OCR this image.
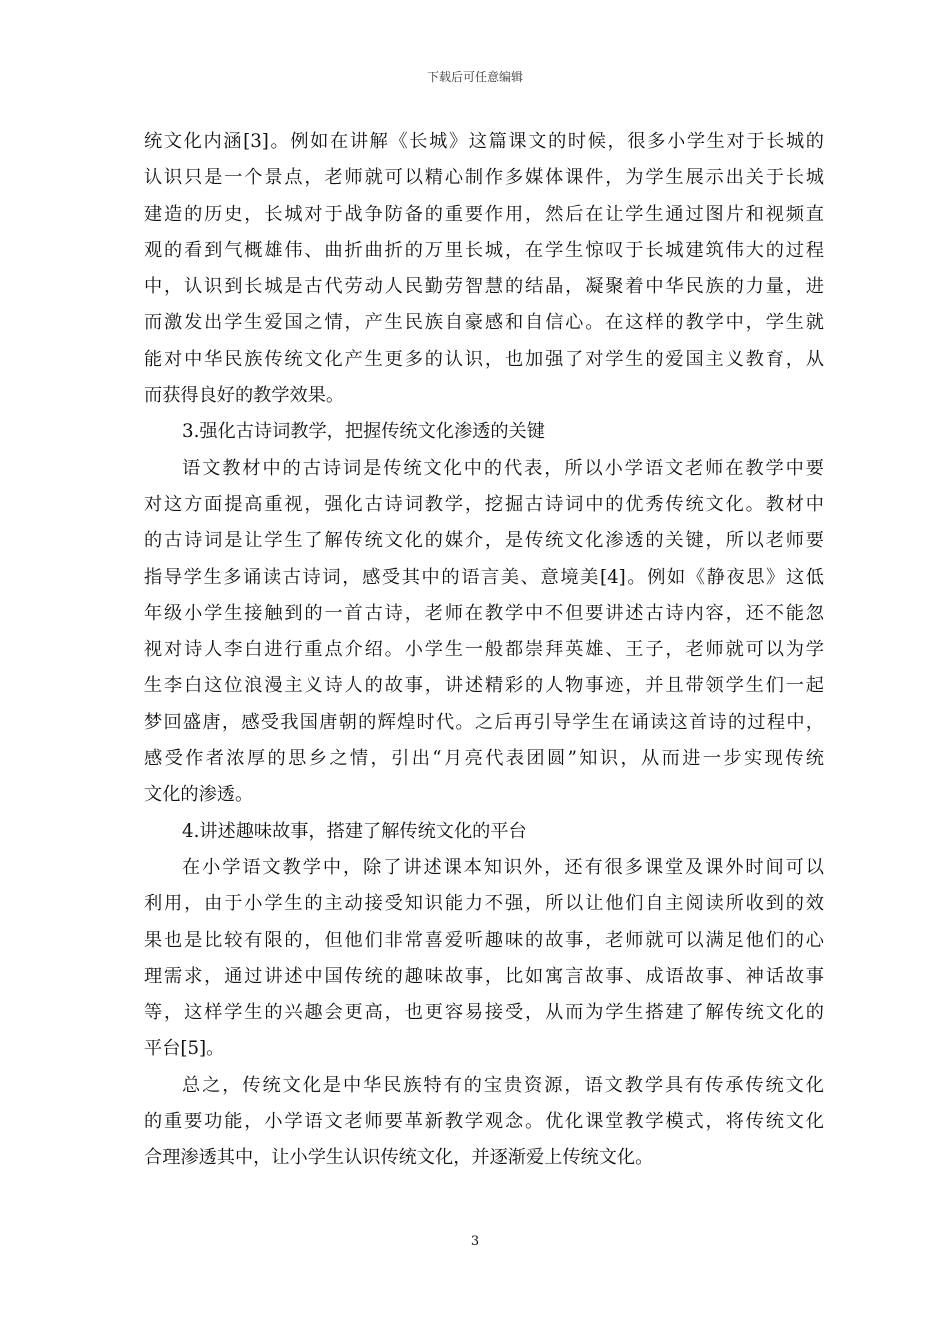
下载后可任意编辑
统文化内涵[3]。例如在讲解《长城》这篇课文的时候，很多小学生对于长城的
认识只是一个景点，老师就可以精心制作多媒体课件，为学生展示出关于长城
建造的历史，长城对于战争防备的重要作用，然后在让学生通过图片和视频直
观的看到气概雄伟、曲折曲折的万里长城，在学生惊叹于长城建筑伟大的过程
中，认识到长城是古代劳动人民勤劳智慧的结晶，凝聚着中华民族的力量，进
而激发出学生爱国之情，产生民族自豪感和自信心。在这样的教学中，学生就
能对中华民族传统文化产生更多的认识，也加强了对学生的爱国主义教育，从
而获得良好的教学效果。
3.强化古诗词教学，把握传统文化渗透的关键
语文教材中的古诗词是传统文化中的代表，所以小学语文老师在教学中要
对这方面提高重视，强化古诗词教学，挖掘古诗词中的优秀传统文化。教材中
的古诗词是让学生了解传统文化的媒介，是传统文化渗透的关键，所以老师要
指导学生多诵读古诗词，感受其中的语言美、意境美[4]。例如《静夜思》这低
年级小学生接触到的一首古诗，老师在教学中不但要讲述古诗内容，还不能忽
视对诗人李白进行重点介绍。小学生一般都崇拜英雄、王子，老师就可以为学
生李白这位浪漫主义诗人的故事，讲述精彩的人物事迹，并且带领学生们一起
梦回盛唐，感受我国唐朝的辉煌时代。之后再引导学生在诵读这首诗的过程中，
感受作者浓厚的思乡之情，引出“月亮代表团圆”知识，从而进一步实现传统
文化的渗透。
4.讲述趣味故事，搭建了解传统文化的平台
在小学语文教学中，除了讲述课本知识外，还有很多课堂及课外时间可以
利用，由于小学生的主动接受知识能力不强，所以让他们自主阅读所收到的效
果也是比较有限的，但他们非常喜爱听趣味的故事，老师就可以满足他们的心
理需求，通过讲述中国传统的趣味故事，比如寓言故事、成语故事、神话故事
等，这样学生的兴趣会更高，也更容易接受，从而为学生搭建了解传统文化的
平台[5]。
总之，传统文化是中华民族特有的宝贵资源，语文教学具有传承传统文化
的重要功能，小学语文老师要革新教学观念。优化课堂教学模式，将传统文化
合理渗透其中，让小学生认识传统文化，并逐渐爱上传统文化。
3
